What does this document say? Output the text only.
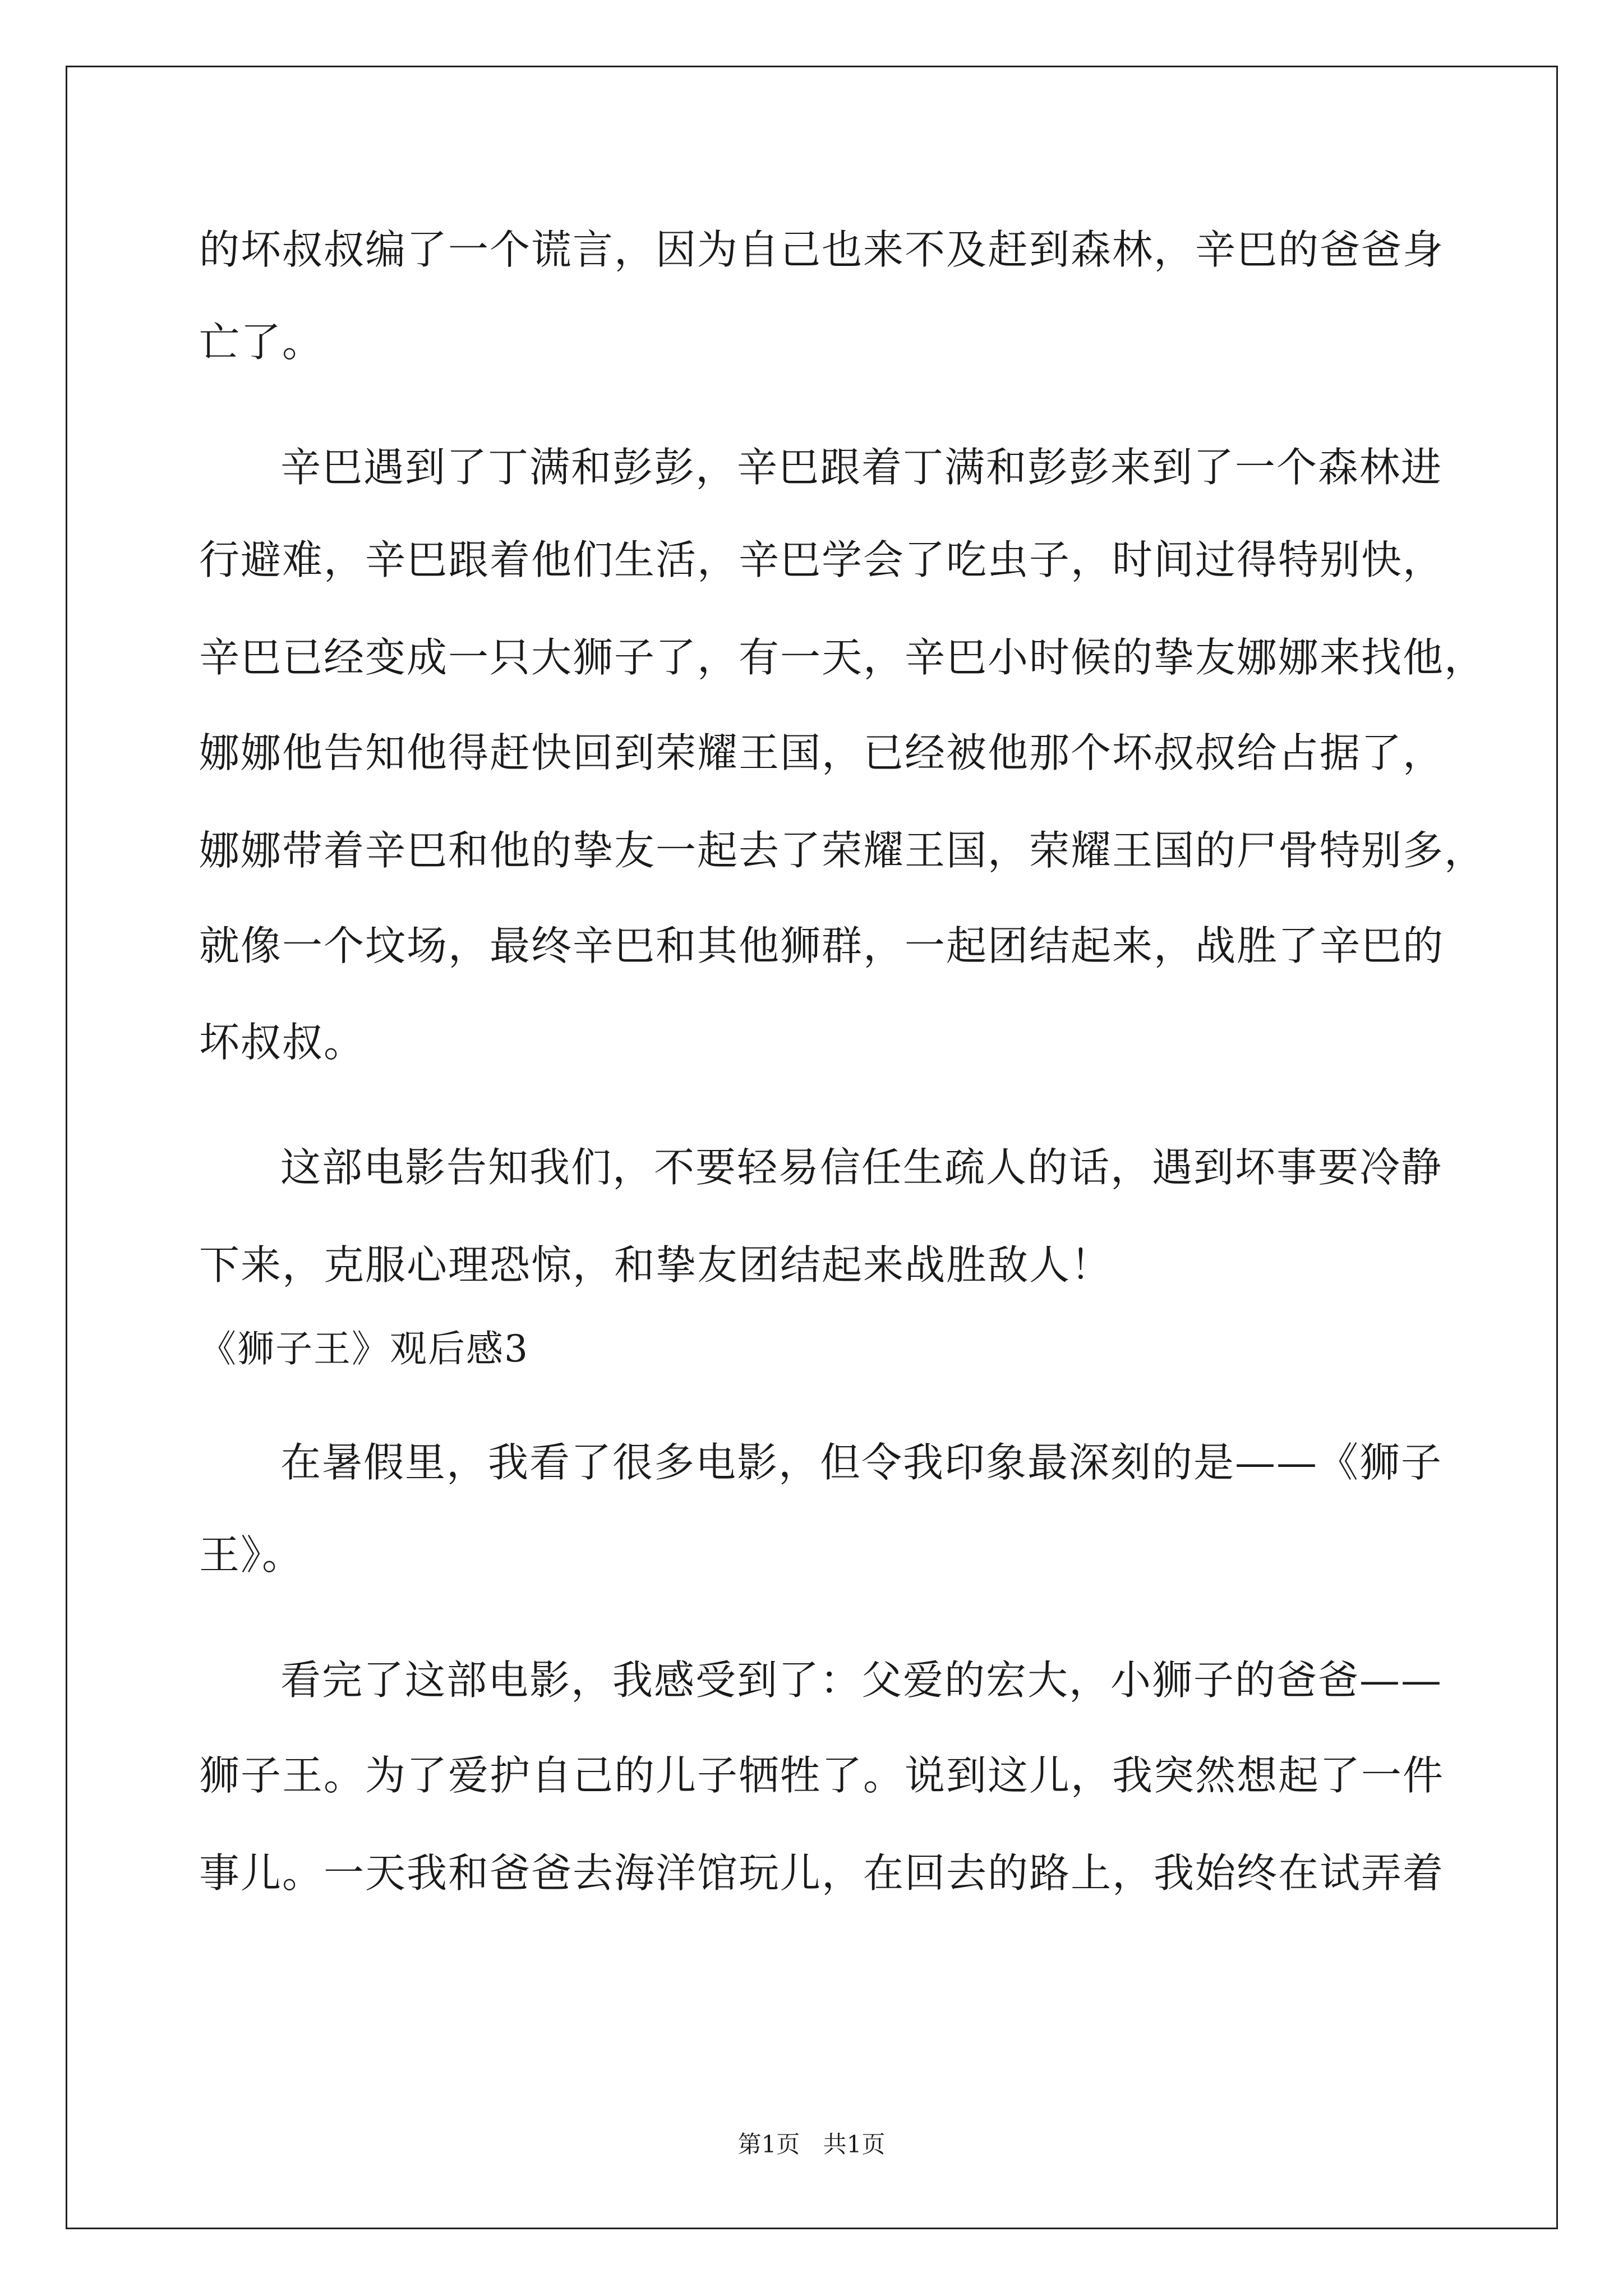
的坏叔叔编了一个谎言，因为自己也来不及赶到森林，辛巴的爸爸身
亡了。
辛巴遇到了丁满和彭彭，辛巴跟着丁满和彭彭来到了一个森林进
行避难，辛巴跟着他们生活，辛巴学会了吃虫子，时间过得特别快，
辛巴已经变成一只大狮子了，有一天，辛巴小时候的挚友娜娜来找他，
娜娜他告知他得赶快回到荣耀王国，已经被他那个坏叔叔给占据了，
娜娜带着辛巴和他的挚友一起去了荣耀王国，荣耀王国的尸骨特别多，
就像一个坟场，最终辛巴和其他狮群，一起团结起来，战胜了辛巴的
坏叔叔。
这部电影告知我们，不要轻易信任生疏人的话，遇到坏事要冷静
下来，克服心理恐惊，和挚友团结起来战胜敌人！
《狮子王》观后感3
在暑假里，我看了很多电影，但令我印象最深刻的是——《狮子
王》。
看完了这部电影，我感受到了：父爱的宏大，小狮子的爸爸——
狮子王。为了爱护自己的儿子牺牲了。说到这儿，我突然想起了一件
事儿。一天我和爸爸去海洋馆玩儿，在回去的路上，我始终在试弄着
第1页 共1页
